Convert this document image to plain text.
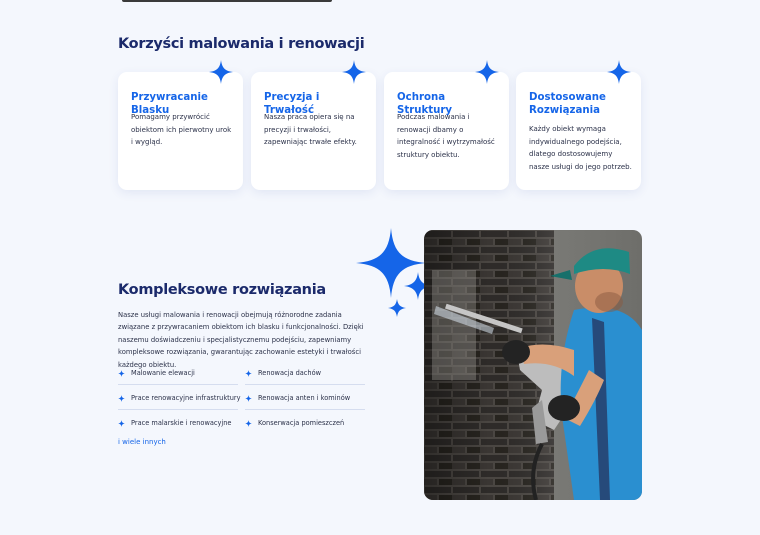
Korzyści malowania i renowacji
Przywracanie Blasku
Pomagamy przywrócić obiektom ich pierwotny urok i wygląd.
Precyzja i Trwałość
Nasza praca opiera się na precyzji i trwałości, zapewniając trwałe efekty.
Ochrona Struktury
Podczas malowania i renowacji dbamy o integralność i wytrzymałość struktury obiektu.
Dostosowane Rozwiązania
Każdy obiekt wymaga indywidualnego podejścia, dlatego dostosowujemy nasze usługi do jego potrzeb.
Kompleksowe rozwiązania

Nasze usługi malowania i renowacji obejmują różnorodne zadania związane z przywracaniem obiektom ich blasku i funkcjonalności. Dzięki naszemu doświadczeniu i specjalistycznemu podejściu, zapewniamy kompleksowe rozwiązania, gwarantując zachowanie estetyki i trwałości każdego obiektu.

Malowanie elewacji	Renowacja dachów
Prace renowacyjne infrastruktury	Renowacja anten i kominów
Prace malarskie i renowacyjne	Konserwacja pomieszczeń
i wiele innych
